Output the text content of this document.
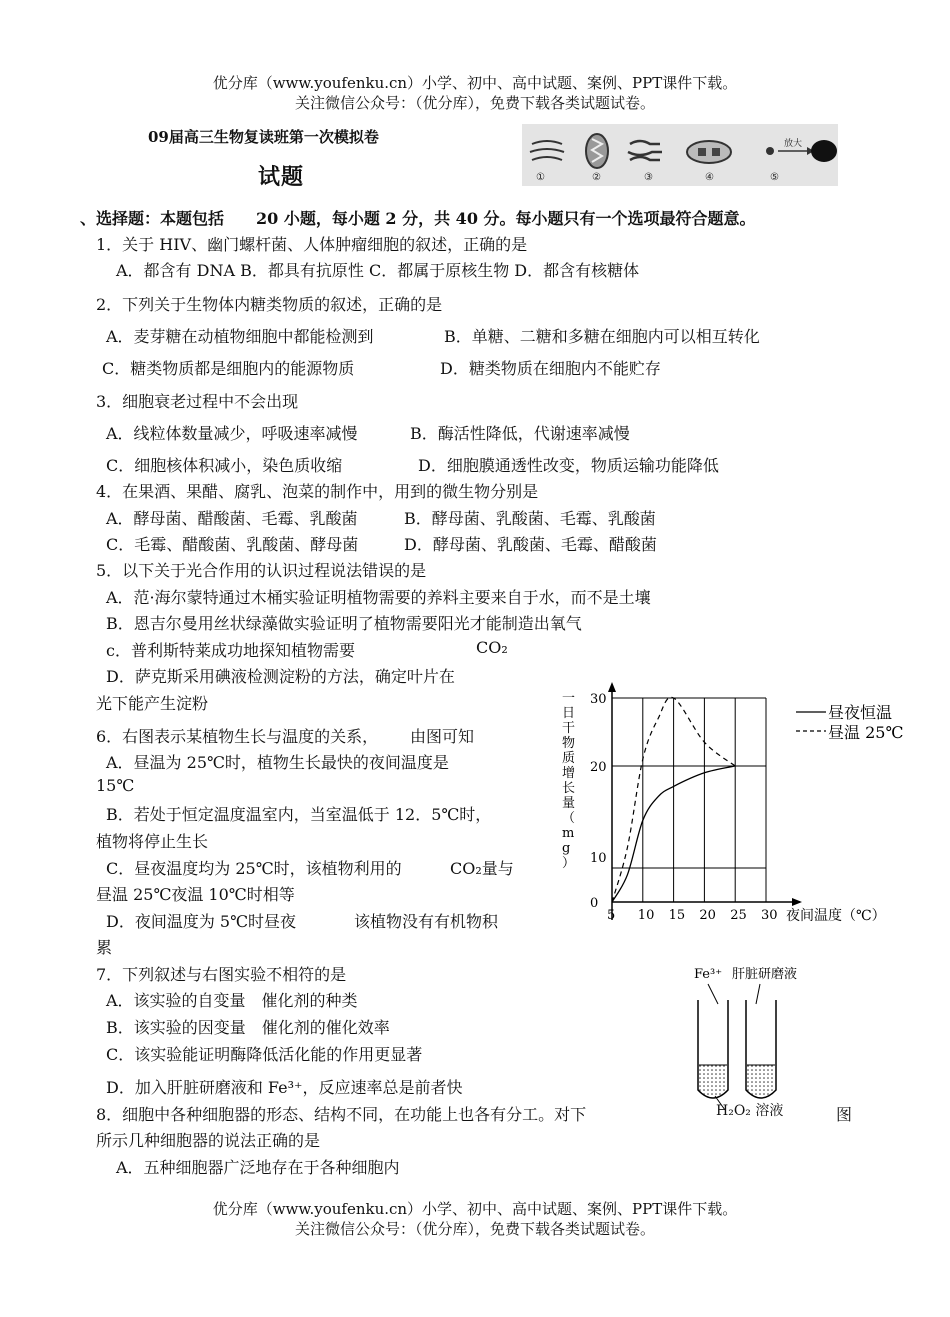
优分库（www.youfenku.cn）小学、初中、高中试题、案例、PPT课件下载。
关注微信公众号：（优分库），免费下载各类试题试卷。
09届高三生物复读班第一次模拟卷
试题
放大
①	②	③	④	⑤
、选择题：本题包括　　20 小题，每小题 2 分，共 40 分。每小题只有一个选项最符合题意。
1．关于 HIV、幽门螺杆菌、人体肿瘤细胞的叙述，正确的是
A．都含有 DNA B．都具有抗原性 C．都属于原核生物 D．都含有核糖体
2．下列关于生物体内糖类物质的叙述，正确的是
A．麦芽糖在动植物细胞中都能检测到	B．单糖、二糖和多糖在细胞内可以相互转化
C．糖类物质都是细胞内的能源物质	D．糖类物质在细胞内不能贮存
3．细胞衰老过程中不会出现
A．线粒体数量减少，呼吸速率减慢	B．酶活性降低，代谢速率减慢
C．细胞核体积减小，染色质收缩	D．细胞膜通透性改变，物质运输功能降低
4．在果酒、果醋、腐乳、泡菜的制作中，用到的微生物分别是
A．酵母菌、醋酸菌、毛霉、乳酸菌	B．酵母菌、乳酸菌、毛霉、乳酸菌
C．毛霉、醋酸菌、乳酸菌、酵母菌	D．酵母菌、乳酸菌、毛霉、醋酸菌
5．以下关于光合作用的认识过程说法错误的是
A．范·海尔蒙特通过木桶实验证明植物需要的养料主要来自于水，而不是土壤
B．恩吉尔曼用丝状绿藻做实验证明了植物需要阳光才能制造出氧气
c．普利斯特莱成功地探知植物需要	CO₂
D．萨克斯采用碘液检测淀粉的方法，确定叶片在
光下能产生淀粉
6．右图表示某植物生长与温度的关系， 由图可知
A．昼温为 25℃时，植物生长最快的夜间温度是
15℃
B．若处于恒定温度温室内，当室温低于 12．5℃时，
植物将停止生长
C．昼夜温度均为 25℃时，该植物利用的	CO₂量与
昼温 25℃夜温 10℃时相等
D．夜间温度为 5℃时昼夜	该植物没有有机物积
累
0
10
20
30
5 10 15 20 25 30
一
日
干
物
质
增
长
量
（
m
g
）
夜间温度（℃）
昼夜恒温
昼温 25℃
7．下列叙述与右图实验不相符的是
A．该实验的自变量　催化剂的种类
B．该实验的因变量　催化剂的催化效率
C．该实验能证明酶降低活化能的作用更显著
D．加入肝脏研磨液和 Fe³⁺，反应速率总是前者快
Fe³⁺ 肝脏研磨液
H₂O₂ 溶液
8．细胞中各种细胞器的形态、结构不同，在功能上也各有分工。对下	图
所示几种细胞器的说法正确的是
A．五种细胞器广泛地存在于各种细胞内
优分库（www.youfenku.cn）小学、初中、高中试题、案例、PPT课件下载。
关注微信公众号：（优分库），免费下载各类试题试卷。
